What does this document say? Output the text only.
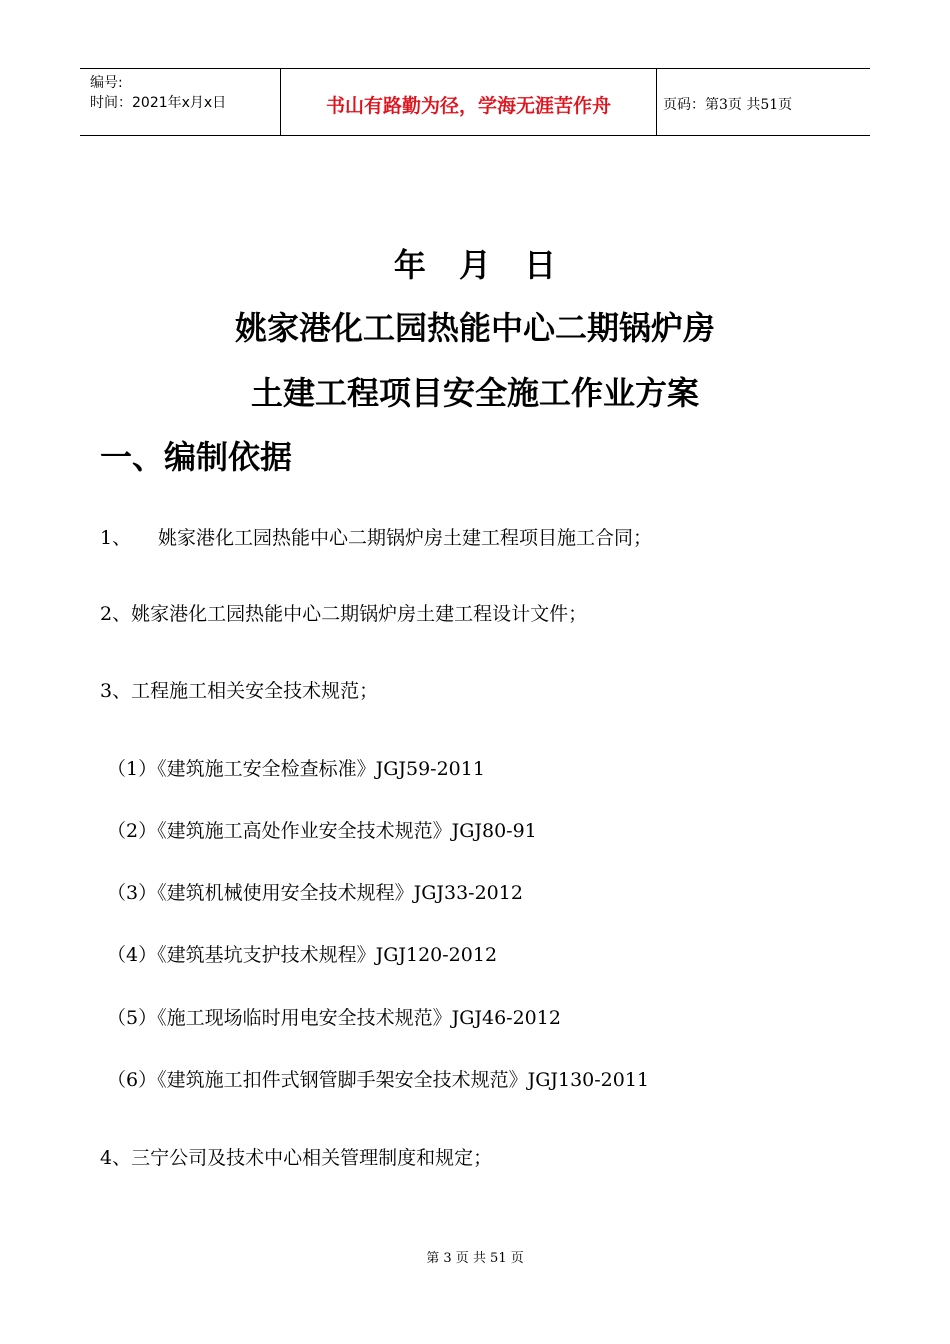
编号:
时间：2021年x月x日	书山有路勤为径，学海无涯苦作舟	页码：第3页 共51页
年 月 日
姚家港化工园热能中心二期锅炉房
土建工程项目安全施工作业方案
一、编制依据
1、 姚家港化工园热能中心二期锅炉房土建工程项目施工合同；
2、姚家港化工园热能中心二期锅炉房土建工程设计文件；
3、工程施工相关安全技术规范；
（1）《建筑施工安全检查标准》JGJ59-2011
（2）《建筑施工高处作业安全技术规范》JGJ80-91
（3）《建筑机械使用安全技术规程》JGJ33-2012
（4）《建筑基坑支护技术规程》JGJ120-2012
（5）《施工现场临时用电安全技术规范》JGJ46-2012
（6）《建筑施工扣件式钢管脚手架安全技术规范》JGJ130-2011
4、三宁公司及技术中心相关管理制度和规定；
第 3 页 共 51 页
